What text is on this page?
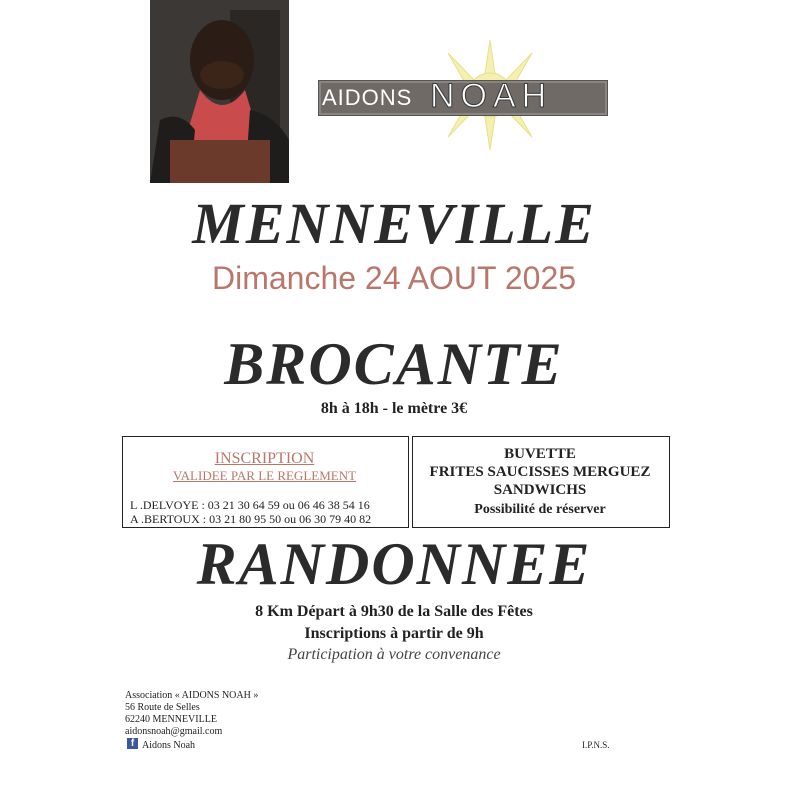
AIDONS NOAH
MENNEVILLE
Dimanche 24 AOUT 2025
BROCANTE
8h à 18h - le mètre 3€
INSCRIPTION
VALIDEE PAR LE REGLEMENT
L .DELVOYE : 03 21 30 64 59 ou 06 46 38 54 16
A .BERTOUX : 03 21 80 95 50 ou 06 30 79 40 82
BUVETTE
FRITES SAUCISSES MERGUEZ
SANDWICHS
Possibilité de réserver
RANDONNEE
8 Km Départ à 9h30 de la Salle des Fêtes
Inscriptions à partir de 9h
Participation à votre convenance
Association « AIDONS NOAH »
56 Route de Selles
62240 MENNEVILLE
aidonsnoah@gmail.com
f Aidons Noah	I.P.N.S.
